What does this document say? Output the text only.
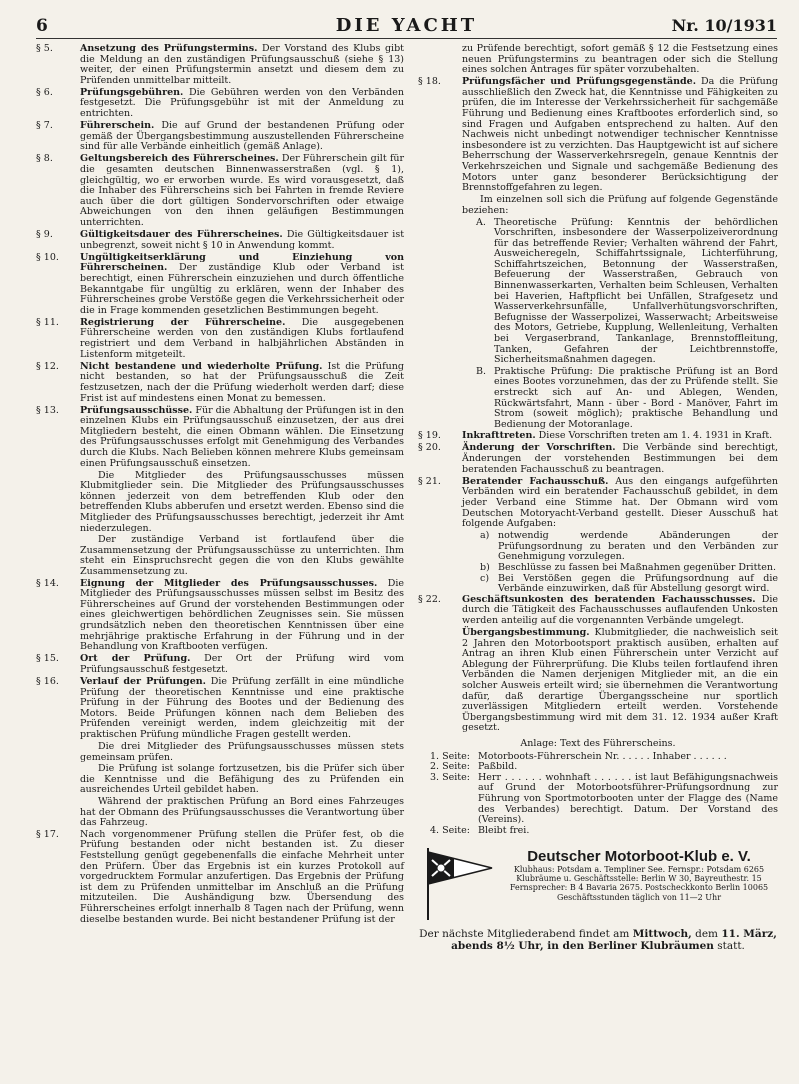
6	DIE YACHT	Nr. 10/1931
§ 5.	Ansetzung des Prüfungstermins. Der Vorstand des Klubs gibt die Meldung an den zuständigen Prüfungsausschuß (siehe § 13) weiter, der einen Prüfungstermin ansetzt und diesem dem zu Prüfenden unmittelbar mitteilt.
§ 6.	Prüfungsgebühren. Die Gebühren werden von den Verbänden festgesetzt. Die Prüfungsgebühr ist mit der Anmeldung zu entrichten.
§ 7.	Führerschein. Die auf Grund der bestandenen Prüfung oder gemäß der Übergangsbestimmung auszustellenden Führerscheine sind für alle Verbände einheitlich (gemäß Anlage).
§ 8.	Geltungsbereich des Führerscheines. Der Führerschein gilt für die gesamten deutschen Binnenwasserstraßen (vgl. § 1), gleichgültig, wo er erworben wurde. Es wird vorausgesetzt, daß die Inhaber des Führerscheins sich bei Fahrten in fremde Reviere auch über die dort gültigen Sondervorschriften oder etwaige Abweichungen von den ihnen geläufigen Bestimmungen unterrichten.
§ 9.	Gültigkeitsdauer des Führerscheines. Die Gültigkeitsdauer ist unbegrenzt, soweit nicht § 10 in Anwendung kommt.
§ 10.	Ungültigkeitserklärung und Einziehung von Führerscheinen. Der zuständige Klub oder Verband ist berechtigt, einen Führerschein einzuziehen und durch öffentliche Bekanntgabe für ungültig zu erklären, wenn der Inhaber des Führerscheines grobe Verstöße gegen die Verkehrssicherheit oder die in Frage kommenden gesetzlichen Bestimmungen begeht.
§ 11.	Registrierung der Führerscheine. Die ausgegebenen Führerscheine werden von den zuständigen Klubs fortlaufend registriert und dem Verband in halbjährlichen Abständen in Listenform mitgeteilt.
§ 12.	Nicht bestandene und wiederholte Prüfung. Ist die Prüfung nicht bestanden, so hat der Prüfungsausschuß die Zeit festzusetzen, nach der die Prüfung wiederholt werden darf; diese Frist ist auf mindestens einen Monat zu bemessen.
§ 13.	Prüfungsausschüsse. Für die Abhaltung der Prüfungen ist in den einzelnen Klubs ein Prüfungsausschuß einzusetzen, der aus drei Mitgliedern besteht, die einen Obmann wählen. Die Einsetzung des Prüfungsausschusses erfolgt mit Genehmigung des Verbandes durch die Klubs. Nach Belieben können mehrere Klubs gemeinsam einen Prüfungsausschuß einsetzen.
Die Mitglieder des Prüfungsausschusses müssen Klubmitglieder sein. Die Mitglieder des Prüfungsausschusses können jederzeit von dem betreffenden Klub oder den betreffenden Klubs abberufen und ersetzt werden. Ebenso sind die Mitglieder des Prüfungsausschusses berechtigt, jederzeit ihr Amt niederzulegen.
Der zuständige Verband ist fortlaufend über die Zusammensetzung der Prüfungsausschüsse zu unterrichten. Ihm steht ein Einspruchsrecht gegen die von den Klubs gewählte Zusammensetzung zu.
§ 14.	Eignung der Mitglieder des Prüfungsausschusses. Die Mitglieder des Prüfungsausschusses müssen selbst im Besitz des Führerscheines auf Grund der vorstehenden Bestimmungen oder eines gleichwertigen behördlichen Zeugnisses sein. Sie müssen grundsätzlich neben den theoretischen Kenntnissen über eine mehrjährige praktische Erfahrung in der Führung und in der Behandlung von Kraftbooten verfügen.
§ 15.	Ort der Prüfung. Der Ort der Prüfung wird vom Prüfungsausschuß festgesetzt.
§ 16.	Verlauf der Prüfungen. Die Prüfung zerfällt in eine mündliche Prüfung der theoretischen Kenntnisse und eine praktische Prüfung in der Führung des Bootes und der Bedienung des Motors. Beide Prüfungen können nach dem Belieben des Prüfenden vereinigt werden, indem gleichzeitig mit der praktischen Prüfung mündliche Fragen gestellt werden.
Die drei Mitglieder des Prüfungsausschusses müssen stets gemeinsam prüfen.
Die Prüfung ist solange fortzusetzen, bis die Prüfer sich über die Kenntnisse und die Befähigung des zu Prüfenden ein ausreichendes Urteil gebildet haben.
Während der praktischen Prüfung an Bord eines Fahrzeuges hat der Obmann des Prüfungsausschusses die Verantwortung über das Fahrzeug.
§ 17.	Nach vorgenommener Prüfung stellen die Prüfer fest, ob die Prüfung bestanden oder nicht bestanden ist. Zu dieser Feststellung genügt gegebenenfalls die einfache Mehrheit unter den Prüfern. Über das Ergebnis ist ein kurzes Protokoll auf vorgedrucktem Formular anzufertigen. Das Ergebnis der Prüfung ist dem zu Prüfenden unmittelbar im Anschluß an die Prüfung mitzuteilen. Die Aushändigung bzw. Übersendung des Führerscheines erfolgt innerhalb 8 Tagen nach der Prüfung, wenn dieselbe bestanden wurde. Bei nicht bestandener Prüfung ist der
zu Prüfende berechtigt, sofort gemäß § 12 die Festsetzung eines neuen Prüfungstermins zu beantragen oder sich die Stellung eines solchen Antrages für später vorzubehalten.
§ 18.	Prüfungsfächer und Prüfungsgegenstände. Da die Prüfung ausschließlich den Zweck hat, die Kenntnisse und Fähigkeiten zu prüfen, die im Interesse der Verkehrssicherheit für sachgemäße Führung und Bedienung eines Kraftbootes erforderlich sind, so sind Fragen und Aufgaben entsprechend zu halten. Auf den Nachweis nicht unbedingt notwendiger technischer Kenntnisse insbesondere ist zu verzichten. Das Hauptgewicht ist auf sichere Beherrschung der Wasserverkehrsregeln, genaue Kenntnis der Verkehrszeichen und Signale und sachgemäße Bedienung des Motors unter ganz besonderer Berücksichtigung der Brennstoffgefahren zu legen.
Im einzelnen soll sich die Prüfung auf folgende Gegenstände beziehen:
A. Theoretische Prüfung: Kenntnis der behördlichen Vorschriften, insbesondere der Wasserpolizeiverordnung für das betreffende Revier; Verhalten während der Fahrt, Ausweicheregeln, Schiffahrtssignale, Lichterführung, Schiffahrtszeichen, Betonnung der Wasserstraßen, Befeuerung der Wasserstraßen, Gebrauch von Binnenwasserkarten, Verhalten beim Schleusen, Verhalten bei Haverien, Haftpflicht bei Unfällen, Strafgesetz und Wasserverkehrsunfälle, Unfallverhütungsvorschriften, Befugnisse der Wasserpolizei, Wasserwacht; Arbeitsweise des Motors, Getriebe, Kupplung, Wellenleitung, Verhalten bei Vergaserbrand, Tankanlage, Brennstoffleitung, Tanken, Gefahren der Leichtbrennstoffe, Sicherheitsmaßnahmen dagegen.
B. Praktische Prüfung: Die praktische Prüfung ist an Bord eines Bootes vorzunehmen, das der zu Prüfende stellt. Sie erstreckt sich auf An- und Ablegen, Wenden, Rückwärtsfahrt, Mann - über - Bord - Manöver, Fahrt im Strom (soweit möglich); praktische Behandlung und Bedienung der Motoranlage.
§ 19.	Inkrafttreten. Diese Vorschriften treten am 1. 4. 1931 in Kraft.
§ 20.	Änderung der Vorschriften. Die Verbände sind berechtigt, Änderungen der vorstehenden Bestimmungen bei dem beratenden Fachausschuß zu beantragen.
§ 21.	Beratender Fachausschuß. Aus den eingangs aufgeführten Verbänden wird ein beratender Fachausschuß gebildet, in dem jeder Verband eine Stimme hat. Der Obmann wird vom Deutschen Motoryacht-Verband gestellt. Dieser Ausschuß hat folgende Aufgaben:
a) notwendig werdende Abänderungen der Prüfungsordnung zu beraten und den Verbänden zur Genehmigung vorzulegen.
b) Beschlüsse zu fassen bei Maßnahmen gegenüber Dritten.
c) Bei Verstößen gegen die Prüfungsordnung auf die Verbände einzuwirken, daß für Abstellung gesorgt wird.
§ 22.	Geschäftsunkosten des beratenden Fachausschusses. Die durch die Tätigkeit des Fachausschusses auflaufenden Unkosten werden anteilig auf die vorgenannten Verbände umgelegt.
Übergangsbestimmung. Klubmitglieder, die nachweislich seit 2 Jahren den Motorbootsport praktisch ausüben, erhalten auf Antrag an ihren Klub einen Führerschein unter Verzicht auf Ablegung der Führerprüfung. Die Klubs teilen fortlaufend ihren Verbänden die Namen derjenigen Mitglieder mit, an die ein solcher Ausweis erteilt wird; sie übernehmen die Verantwortung dafür, daß derartige Übergangsscheine nur sportlich zuverlässigen Mitgliedern erteilt werden. Vorstehende Übergangsbestimmung wird mit dem 31. 12. 1934 außer Kraft gesetzt.
Anlage: Text des Führerscheins.
1. Seite: Motorboots-Führerschein Nr. . . . . . Inhaber . . . . . .
2. Seite: Paßbild.
3. Seite: Herr . . . . . . wohnhaft . . . . . . ist laut Befähigungsnachweis auf Grund der Motorbootsführer-Prüfungsordnung zur Führung von Sportmotorbooten unter der Flagge des (Name des Verbandes) berechtigt. Datum. Der Vorstand des (Vereins).
4. Seite: Bleibt frei.
Deutscher Motorboot-Klub e. V.
Klubhaus: Potsdam a. Templiner See. Fernspr.: Potsdam 6265
Klubräume u. Geschäftsstelle: Berlin W 30, Bayreuthestr. 15
Fernsprecher: B 4 Bavaria 2675. Postscheckkonto Berlin 10065
Geschäftsstunden täglich von 11—2 Uhr
Der nächste Mitgliederabend findet am Mittwoch, dem 11. März, abends 8½ Uhr, in den Berliner Klubräumen statt.
